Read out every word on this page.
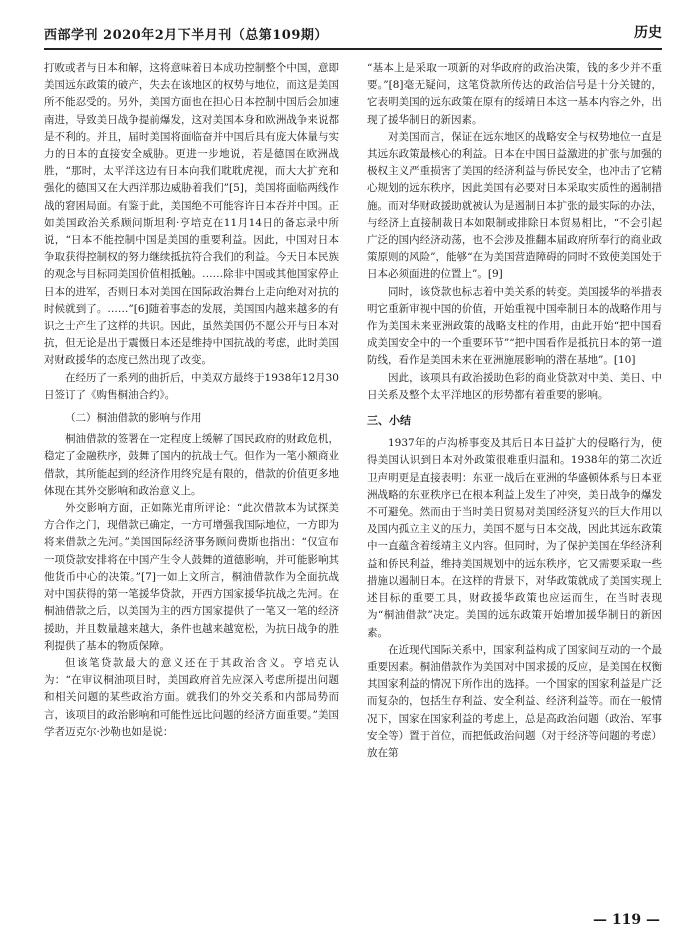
西部学刊 2020年2月下半月刊（总第109期）	历史

打败或者与日本和解，这将意味着日本成功控制整个中国，意即美国远东政策的破产，失去在该地区的权势与地位，而这是美国所不能忍受的。另外，美国方面也在担心日本控制中国后会加速南进，导致美日战争提前爆发，这对美国本身和欧洲战争来说都是不利的。并且，届时美国将面临奋并中国后具有庞大体量与实力的日本的直接安全威胁。更进一步地说，若是德国在欧洲战胜，“那时，太平洋这边有日本向我们耽耽虎视，而大大扩充和强化的德国又在大西洋那边威胁着我们”[5]，美国将面临两线作战的窘困局面。有鉴于此，美国绝不可能容许日本吞并中国。正如美国政治关系顾问斯坦利·亨培克在11月14日的备忘录中所说，“日本不能控制中国是美国的重要利益。因此，中国对日本争取获得控制权的努力继续抵抗符合我们的利益。今天日本民族的观念与目标同美国价值相抵触。……除非中国或其他国家停止日本的进军，否则日本对美国在国际政治舞台上走向绝对对抗的时候就到了。……”[6]随着事态的发展，美国国内越来越多的有识之士产生了这样的共识。因此，虽然美国仍不愿公开与日本对抗，但无论是出于震慑日本还是维持中国抗战的考虑，此时美国对财政援华的态度已然出现了改变。

在经历了一系列的曲折后，中美双方最终于1938年12月30日签订了《购售桐油合约》。

（二）桐油借款的影响与作用

桐油借款的签署在一定程度上缓解了国民政府的财政危机，稳定了金融秩序，鼓舞了国内的抗战士气。但作为一笔小额商业借款，其所能起到的经济作用终究是有限的，借款的价值更多地体现在其外交影响和政治意义上。

外交影响方面，正如陈光甫所评论：“此次借款本为试探美方合作之门，现借款已确定，一方可增强我国际地位，一方即为将来借款之先河。”美国国际经济事务顾问费斯也指出：“仅宣布一项贷款安排将在中国产生令人鼓舞的道德影响，并可能影响其他货币中心的决策。”[7]一如上文所言，桐油借款作为全面抗战对中国获得的第一笔援华贷款，开西方国家援华抗战之先河。在桐油借款之后，以美国为主的西方国家提供了一笔又一笔的经济援助，并且数量越来越大，条件也越来越宽松，为抗日战争的胜利提供了基本的物质保障。

但该笔贷款最大的意义还在于其政治含义。亨培克认为：“在审议桐油项目时，美国政府首先应深入考虑所提出问题和相关问题的某些政治方面。就我们的外交关系和内部局势而言，该项目的政治影响和可能性远比问题的经济方面重要。”美国学者迈克尔·沙勒也如是说：

“基本上是采取一项新的对华政府的政治决策，钱的多少并不重要。”[8]毫无疑问，这笔贷款所传达的政治信号是十分关键的，它表明美国的远东政策在原有的绥靖日本这一基本内容之外，出现了援华制日的新因素。

对美国而言，保证在远东地区的战略安全与权势地位一直是其远东政策最核心的利益。日本在中国日益激进的扩张与加强的极权主义严重损害了美国的经济利益与侨民安全，也冲击了它精心规划的远东秩序，因此美国有必要对日本采取实质性的遏制措施。而对华财政援助就被认为是遏制日本扩张的最实际的办法，与经济上直接制裁日本如限制或排除日本贸易相比，“不会引起广泛的国内经济动荡，也不会涉及推翻本届政府所奉行的商业政策原则的风险”，能够“在为美国营造障碍的同时不致使美国处于日本必须面进的位置上”。[9]

同时，该贷款也标志着中美关系的转变。美国援华的举措表明它重新审视中国的价值，开始重视中国牵制日本的战略作用与作为美国未来亚洲政策的战略支柱的作用，由此开始“把中国看成美国安全中的一个重要环节”“把中国看作是抵抗日本的第一道防线，看作是美国未来在亚洲施展影响的潜在基地”。[10]

因此，该项具有政治援助色彩的商业贷款对中美、美日、中日关系及整个太平洋地区的形势都有着重要的影响。

三、小结

1937年的卢沟桥事变及其后日本日益扩大的侵略行为，使得美国认识到日本对外政策很难重归温和。1938年的第二次近卫声明更是直接表明：东亚一战后在亚洲的华盛顿体系与日本亚洲战略的东亚秩序已在根本利益上发生了冲突，美日战争的爆发不可避免。然而由于当时美日贸易对美国经济复兴的巨大作用以及国内孤立主义的压力，美国不愿与日本交战，因此其远东政策中一直蕴含着绥靖主义内容。但同时，为了保护美国在华经济利益和侨民利益，维持美国规划中的远东秩序，它又需要采取一些措施以遏制日本。在这样的背景下，对华政策就成了美国实现上述目标的重要工具，财政援华政策也应运而生，在当时表现为“桐油借款”决定。美国的远东政策开始增加援华制日的新因素。

在近现代国际关系中，国家利益构成了国家间互动的一个最重要因素。桐油借款作为美国对中国求援的反应，是美国在权衡其国家利益的情况下所作出的选择。一个国家的国家利益是广泛而复杂的，包括生存利益、安全利益、经济利益等。而在一般情况下，国家在国家利益的考虑上，总是高政治问题（政治、军事安全等）置于首位，而把低政治问题（对于经济等问题的考虑）放在第

— 119 —
